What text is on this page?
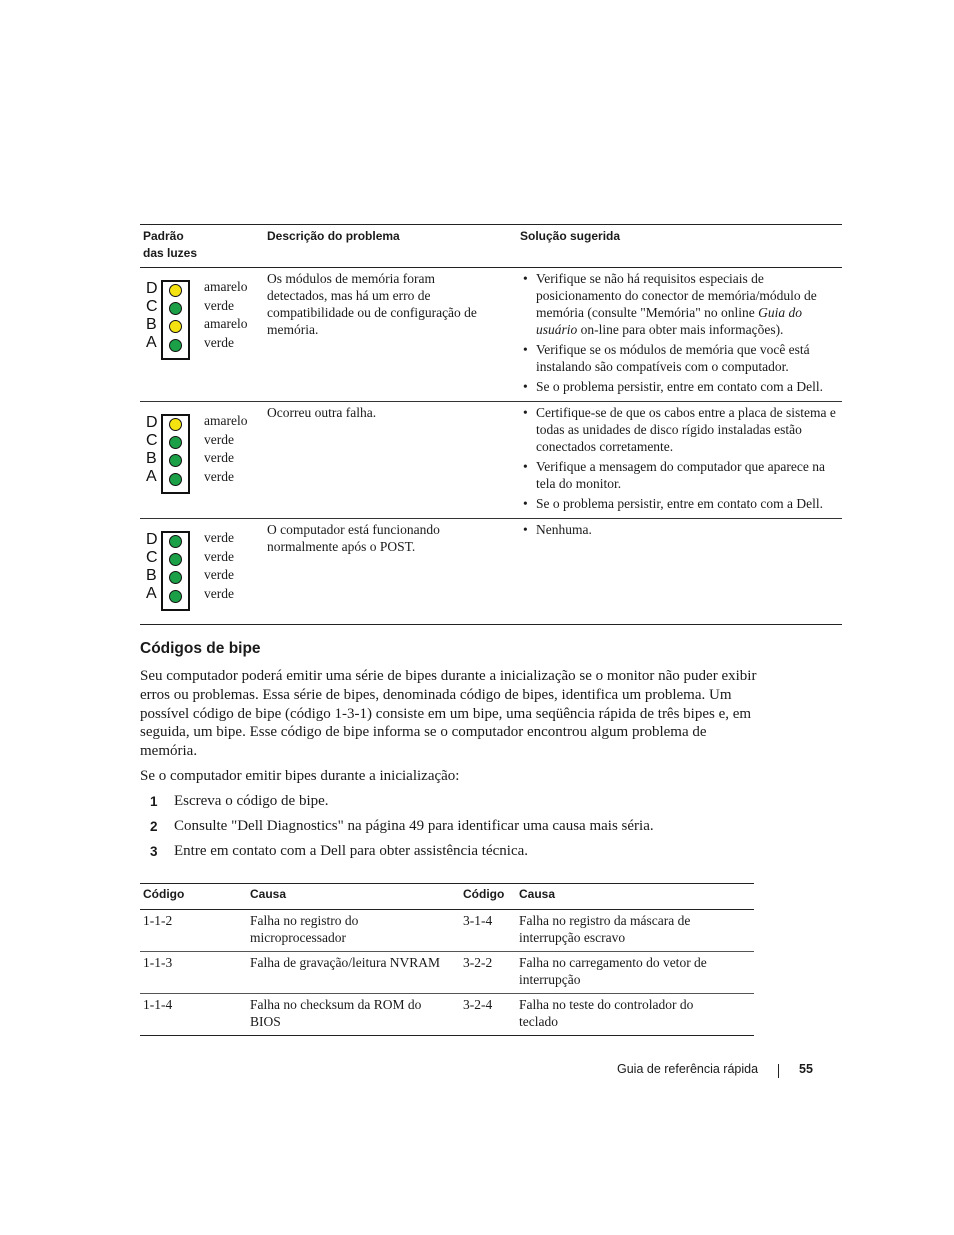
Padrão
das luzes
Descrição do problema	Solução sugerida
D
C
B
A
amarelo
verde
amarelo
verde
Os módulos de memória foram detectados, mas há um erro de compatibilidade ou de configuração de memória.
• Verifique se não há requisitos especiais de posicionamento do conector de memória/módulo de memória (consulte "Memória" no online Guia do usuário on-line para obter mais informações).
• Verifique se os módulos de memória que você está instalando são compatíveis com o computador.
• Se o problema persistir, entre em contato com a Dell.
D
C
B
A
amarelo
verde
verde
verde
Ocorreu outra falha.
•	Certifique-se de que os cabos entre a placa de sistema e todas as unidades de disco rígido instaladas estão conectados corretamente.
• Verifique a mensagem do computador que aparece na tela do monitor.
• Se o problema persistir, entre em contato com a Dell.
D
C
B
A
verde
verde
verde
verde
O computador está funcionando normalmente após o POST.
• Nenhuma.
Códigos de bipe
Seu computador poderá emitir uma série de bipes durante a inicialização se o monitor não puder exibir erros ou problemas. Essa série de bipes, denominada código de bipes, identifica um problema. Um possível código de bipe (código 1-3-1) consiste em um bipe, uma seqüência rápida de três bipes e, em seguida, um bipe. Esse código de bipe informa se o computador encontrou algum problema de memória.
Se o computador emitir bipes durante a inicialização:
1 Escreva o código de bipe.
2 Consulte "Dell Diagnostics" na página 49 para identificar uma causa mais séria.
3 Entre em contato com a Dell para obter assistência técnica.
Código	Causa	Código Causa
1-1-2	Falha no registro do microprocessador
3-1-4 Falha no registro da máscara de interrupção escravo
1-1-3	Falha de gravação/leitura NVRAM	3-2-2 Falha no carregamento do vetor de interrupção
1-1-4	Falha no checksum da ROM do BIOS
3-2-4 Falha no teste do controlador do teclado
Guia de referência rápida	55
